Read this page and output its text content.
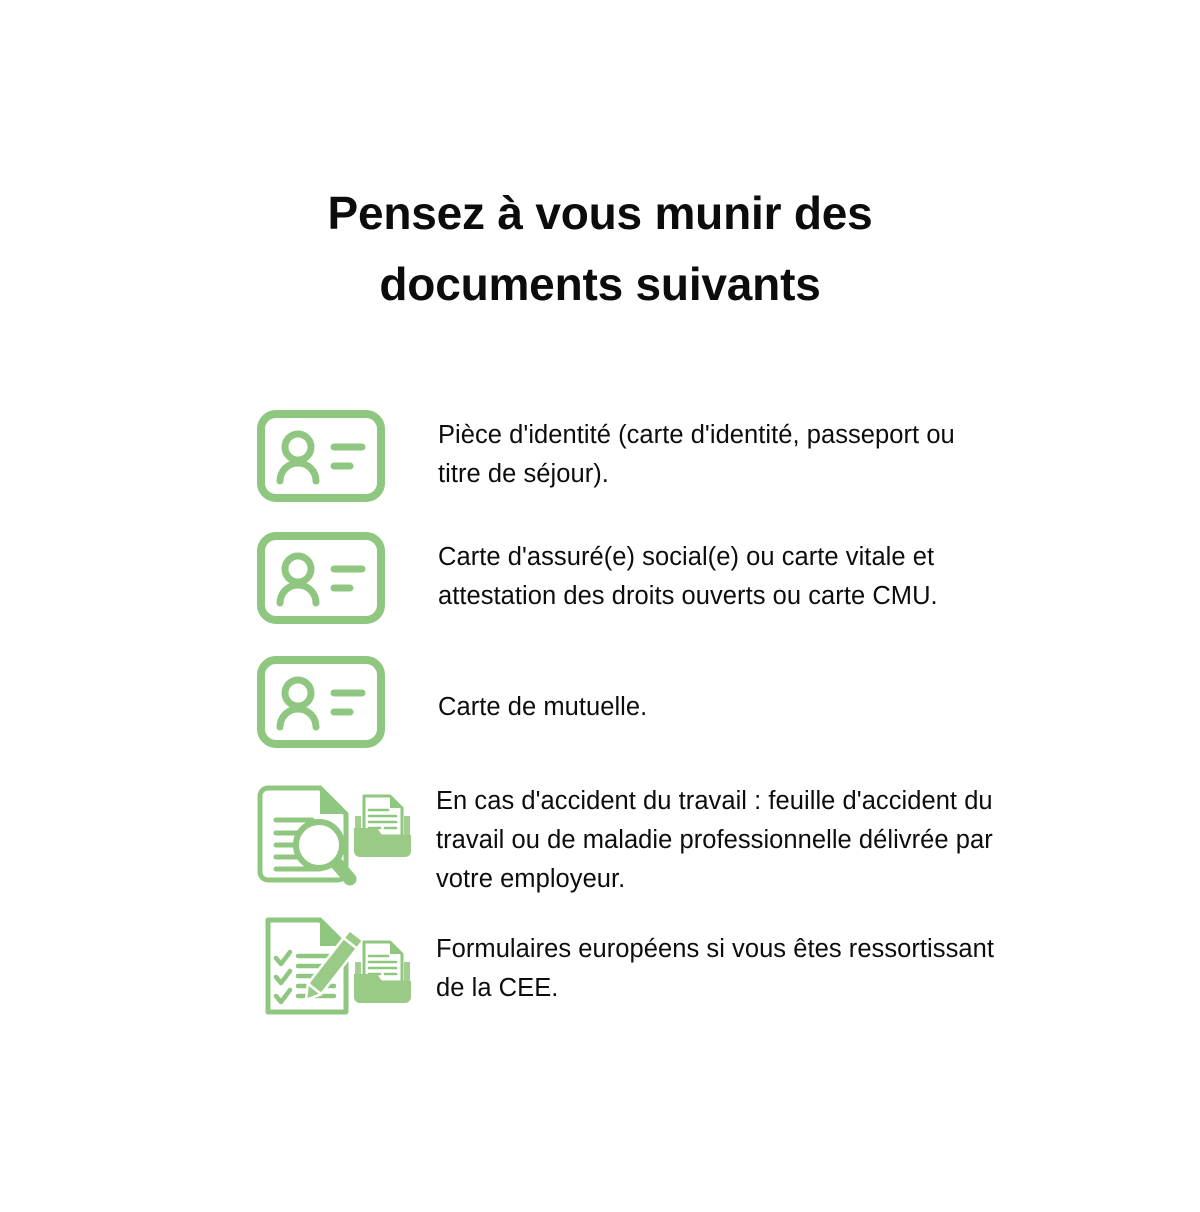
Pensez à vous munir des
documents suivants
Pièce d'identité (carte d'identité, passeport ou titre de séjour).
Carte d'assuré(e) social(e) ou carte vitale et attestation des droits ouverts ou carte CMU.
Carte de mutuelle.
En cas d'accident du travail : feuille d'accident du travail ou de maladie professionnelle délivrée par votre employeur.
Formulaires européens si vous êtes ressortissant de la CEE.
